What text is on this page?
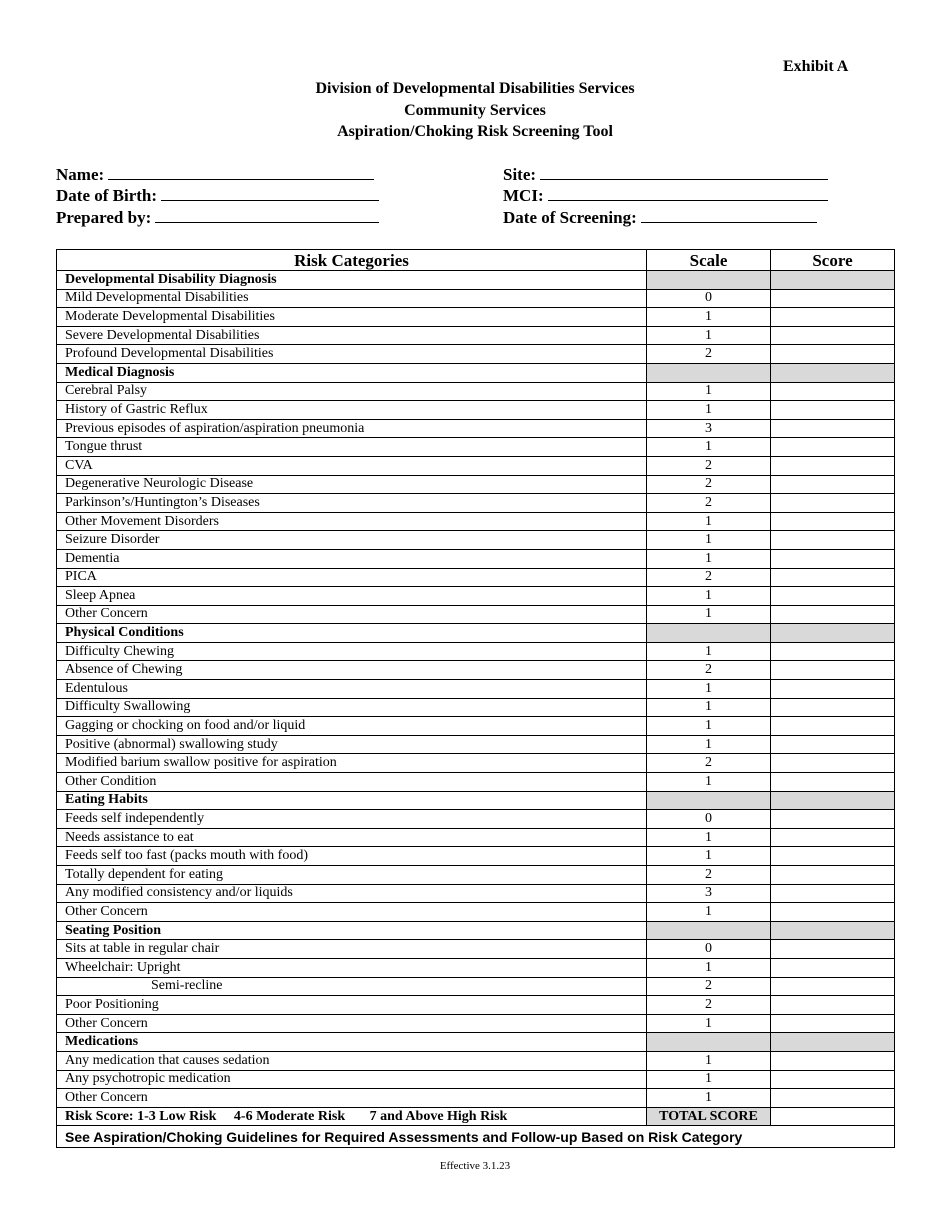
Exhibit A
Division of Developmental Disabilities Services
Community Services
Aspiration/Choking Risk Screening Tool
Name:
Date of Birth:
Prepared by:
Site:
MCI:
Date of Screening:
Risk Categories	Scale	Score
Developmental Disability Diagnosis		
Mild Developmental Disabilities	0	
Moderate Developmental Disabilities	1	
Severe Developmental Disabilities	1	
Profound Developmental Disabilities	2	
Medical Diagnosis		
Cerebral Palsy	1	
History of Gastric Reflux	1	
Previous episodes of aspiration/aspiration pneumonia	3	
Tongue thrust	1	
CVA	2	
Degenerative Neurologic Disease	2	
Parkinson’s/Huntington’s Diseases	2	
Other Movement Disorders	1	
Seizure Disorder	1	
Dementia	1	
PICA	2	
Sleep Apnea	1	
Other Concern	1	
Physical Conditions		
Difficulty Chewing	1	
Absence of Chewing	2	
Edentulous	1	
Difficulty Swallowing	1	
Gagging or chocking on food and/or liquid	1	
Positive (abnormal) swallowing study	1	
Modified barium swallow positive for aspiration	2	
Other Condition	1	
Eating Habits		
Feeds self independently	0	
Needs assistance to eat	1	
Feeds self too fast (packs mouth with food)	1	
Totally dependent for eating	2	
Any modified consistency and/or liquids	3	
Other Concern	1	
Seating Position		
Sits at table in regular chair	0	
Wheelchair: Upright	1	
Semi-recline	2	
Poor Positioning	2	
Other Concern	1	
Medications		
Any medication that causes sedation	1	
Any psychotropic medication	1	
Other Concern	1	
Risk Score: 1-3 Low Risk     4-6 Moderate Risk       7 and Above High Risk	TOTAL SCORE	
See Aspiration/Choking Guidelines for Required Assessments and Follow-up Based on Risk Category		
Effective 3.1.23
